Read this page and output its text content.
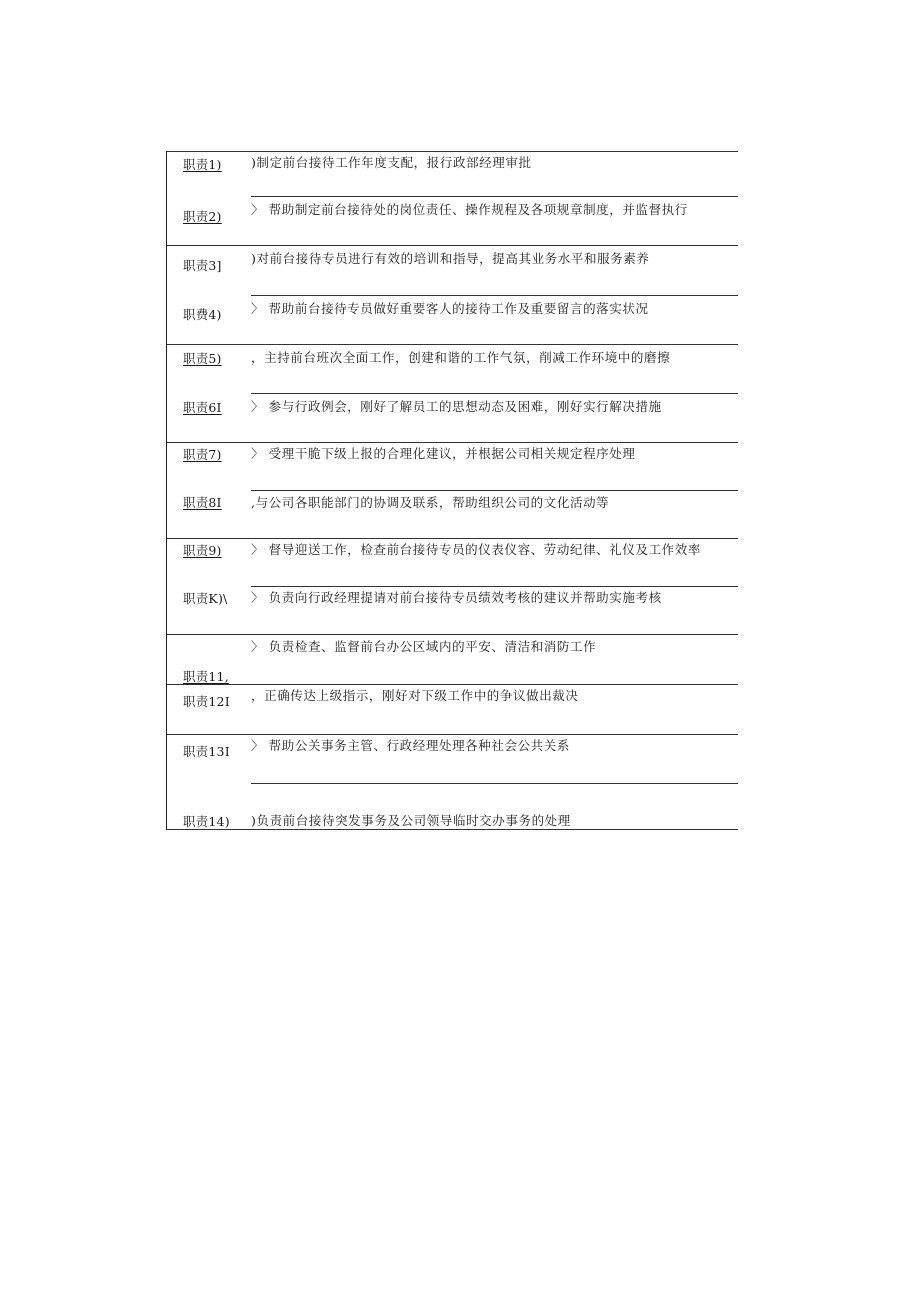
职责1) )制定前台接待工作年度支配，报行政部经理审批
职责2) 〉 帮助制定前台接待处的岗位责任、操作规程及各项规章制度，并监督执行
职责3] )对前台接待专员进行有效的培训和指导，提高其业务水平和服务素养
职费4) 〉 帮助前台接待专员做好重要客人的接待工作及重要留言的落实状况
职责5) ，主持前台班次全面工作，创建和谐的工作气氛，削减工作环境中的磨擦
职责6I 〉 参与行政例会，刚好了解员工的思想动态及困难，刚好实行解决措施
职责7) 〉 受理干脆下级上报的合理化建议，并根据公司相关规定程序处理
职责8I ,与公司各职能部门的协调及联系，帮助组织公司的文化活动等
职责9) 〉 督导迎送工作，检查前台接待专员的仪表仪容、劳动纪律、礼仪及工作效率
职责K)\ 〉 负责向行政经理提请对前台接待专员绩效考核的建议并帮助实施考核
职责11,
〉 负责检查、监督前台办公区域内的平安、清洁和消防工作
职责12I ，正确传达上级指示，刚好对下级工作中的争议做出裁决
职责13I 〉 帮助公关事务主管、行政经理处理各种社会公共关系
职责14) )负责前台接待突发事务及公司领导临时交办事务的处理
